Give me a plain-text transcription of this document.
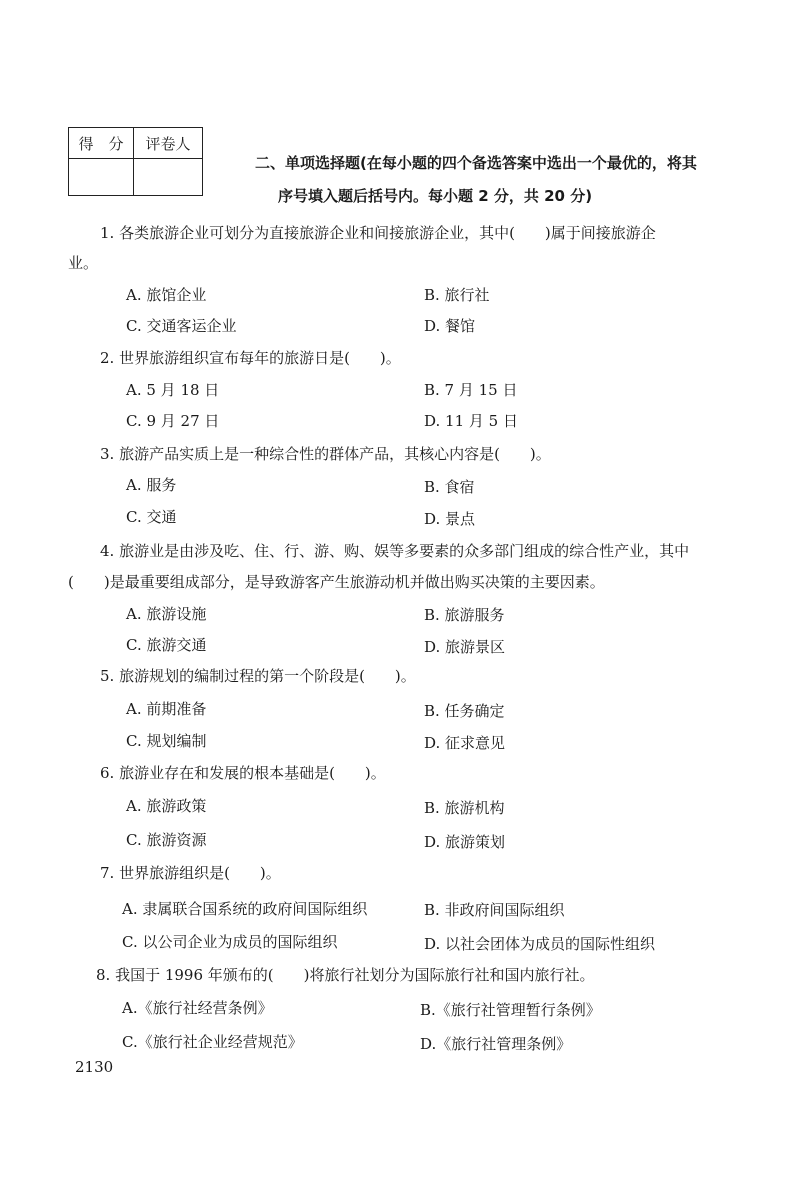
得　分	评卷人

二、单项选择题(在每小题的四个备选答案中选出一个最优的，将其
序号填入题后括号内。每小题 2 分，共 20 分)
1. 各类旅游企业可划分为直接旅游企业和间接旅游企业，其中(　　)属于间接旅游企
业。
A. 旅馆企业	B. 旅行社
C. 交通客运企业	D. 餐馆
2. 世界旅游组织宣布每年的旅游日是(　　)。
A. 5 月 18 日	B. 7 月 15 日
C. 9 月 27 日	D. 11 月 5 日
3. 旅游产品实质上是一种综合性的群体产品，其核心内容是(　　)。
A. 服务	B. 食宿
C. 交通	D. 景点
4. 旅游业是由涉及吃、住、行、游、购、娱等多要素的众多部门组成的综合性产业，其中
(　　)是最重要组成部分，是导致游客产生旅游动机并做出购买决策的主要因素。
A. 旅游设施	B. 旅游服务
C. 旅游交通	D. 旅游景区
5. 旅游规划的编制过程的第一个阶段是(　　)。
A. 前期准备	B. 任务确定
C. 规划编制	D. 征求意见
6. 旅游业存在和发展的根本基础是(　　)。
A. 旅游政策	B. 旅游机构
C. 旅游资源	D. 旅游策划
7. 世界旅游组织是(　　)。
A. 隶属联合国系统的政府间国际组织	B. 非政府间国际组织
C. 以公司企业为成员的国际组织	D. 以社会团体为成员的国际性组织
8. 我国于 1996 年颁布的(　　)将旅行社划分为国际旅行社和国内旅行社。
A.《旅行社经营条例》	B.《旅行社管理暂行条例》
C.《旅行社企业经营规范》	D.《旅行社管理条例》
2130
